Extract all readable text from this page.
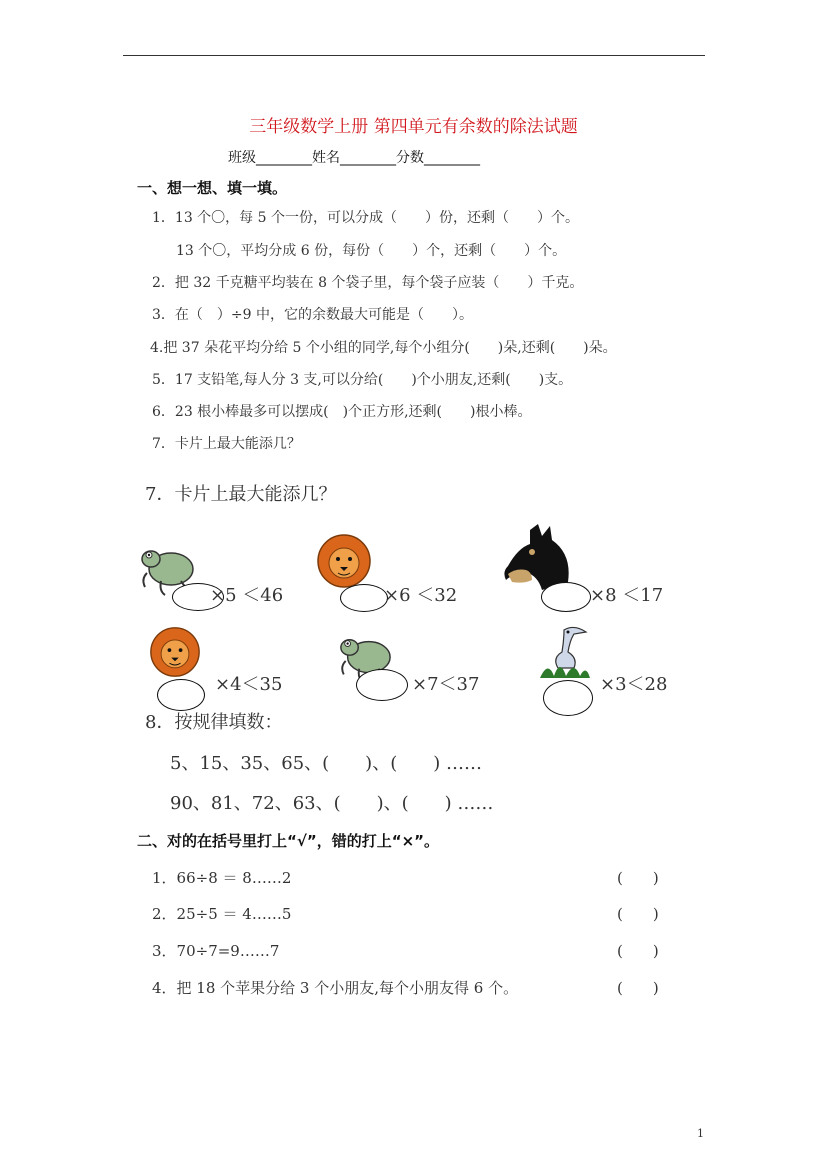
三年级数学上册 第四单元有余数的除法试题
班级________姓名________分数________
一、想一想、填一填。
1．13 个〇，每 5 个一份，可以分成（　　）份，还剩（　　）个。
13 个〇，平均分成 6 份，每份（　　）个，还剩（　　）个。
2．把 32 千克糖平均装在 8 个袋子里，每个袋子应装（　　）千克。
3．在（　）÷9 中，它的余数最大可能是（　　）。
4.把 37 朵花平均分给 5 个小组的同学,每个小组分(　　)朵,还剩(　　)朵。
5．17 支铅笔,每人分 3 支,可以分给(　　)个小朋友,还剩(　　)支。
6．23 根小棒最多可以摆成(　)个正方形,还剩(　　)根小棒。
7．卡片上最大能添几？
7．卡片上最大能添几？
×5 ＜46	×6 ＜32	×8 ＜17
×4＜35	×7＜37	×3＜28
8．按规律填数：
5、15、35、65、(　　)、(　　) ……
90、81、72、63、(　　)、(　　) ……
二、对的在括号里打上“√”，错的打上“×”。
1．66÷8 ＝ 8……2	(　　)
2．25÷5 ＝ 4……5	(　　)
3．70÷7=9……7	(　　)
4．把 18 个苹果分给 3 个小朋友,每个小朋友得 6 个。	(　　)
1
